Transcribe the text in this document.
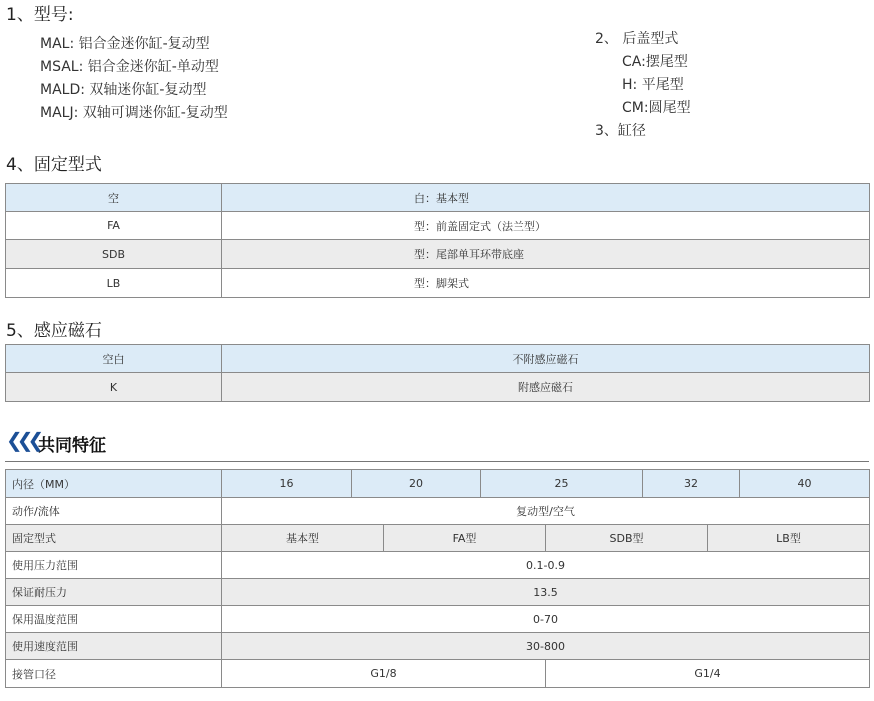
1、型号:
MAL: 铝合金迷你缸-复动型
MSAL: 铝合金迷你缸-单动型
MALD: 双轴迷你缸-复动型
MALJ: 双轴可调迷你缸-复动型
2、 后盖型式
CA:摆尾型
H: 平尾型
CM:圆尾型
3、缸径
4、固定型式
空	白：基本型
FA	型：前盖固定式（法兰型）
SDB	型：尾部单耳环带底座
LB	型：脚架式
5、感应磁石
空白	不附感应磁石
K	附感应磁石
❮❮❮ 共同特征
内径（MM）	16	20		25		32		40
动作/流体	复动型/空气							
固定型式	基本型		FA型		SDB型		LB型	
使用压力范围	0.1-0.9							
保证耐压力	13.5							
保用温度范围	0-70							
使用速度范围	30-800							
接管口径	G1/8				G1/4			
